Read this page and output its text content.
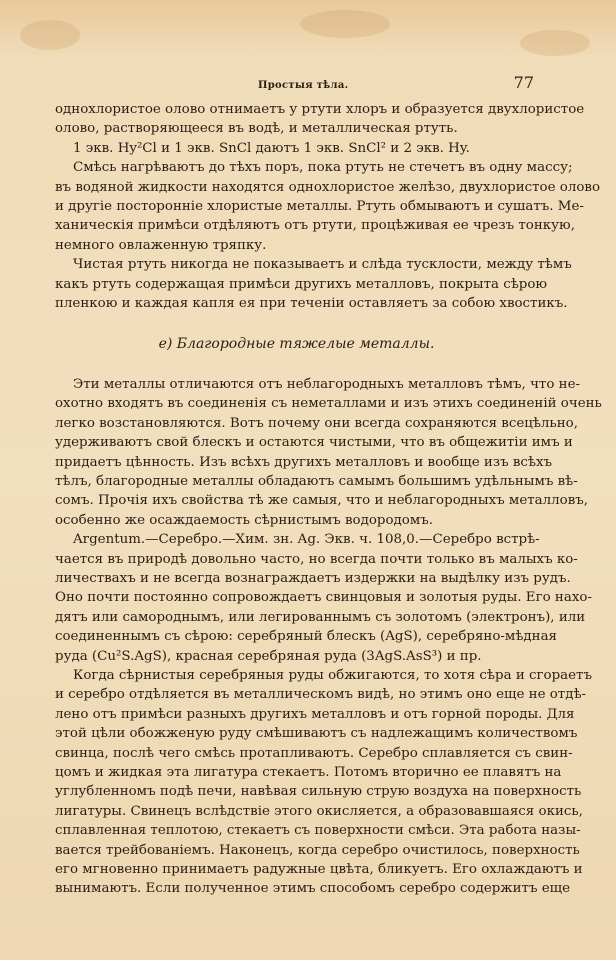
Простыя тѣла.	77
однохлористое олово отнимаетъ у ртути хлоръ и образуется двухлористое
олово, растворяющееся въ водѣ, и металлическая ртуть.
1 экв. Hy²Cl и 1 экв. SnCl даютъ 1 экв. SnCl² и 2 экв. Hy.
Смѣсь нагрѣваютъ до тѣхъ поръ, пока ртуть не стечетъ въ одну массу;
въ водяной жидкости находятся однохлористое желѣзо, двухлористое олово
и другіе посторонніе хлористые металлы. Ртуть обмываютъ и сушатъ. Ме-
ханическія примѣси отдѣляютъ отъ ртути, процѣживая ее чрезъ тонкую,
немного овлаженную тряпку.
Чистая ртуть никогда не показываетъ и слѣда тусклости, между тѣмъ
какъ ртуть содержащая примѣси другихъ металловъ, покрыта сѣрою
пленкою и каждая капля ея при теченіи оставляетъ за собою хвостикъ.
e) Благородные тяжелые металлы.
Эти металлы отличаются отъ неблагородныхъ металловъ тѣмъ, что не-
охотно входятъ въ соединенія съ неметаллами и изъ этихъ соединеній очень
легко возстановляются. Вотъ почему они всегда сохраняются всецѣльно,
удерживаютъ свой блескъ и остаются чистыми, что въ общежитіи имъ и
придаетъ цѣнность. Изъ всѣхъ другихъ металловъ и вообще изъ всѣхъ
тѣлъ, благородные металлы обладаютъ самымъ большимъ удѣльнымъ вѣ-
сомъ. Прочія ихъ свойства тѣ же самыя, что и неблагородныхъ металловъ,
особенно же осаждаемость сѣрнистымъ водородомъ.
Argentum.—Серебро.—Хим. зн. Ag. Экв. ч. 108,0.—Серебро встрѣ-
чается въ природѣ довольно часто, но всегда почти только въ малыхъ ко-
личествахъ и не всегда вознаграждаетъ издержки на выдѣлку изъ рудъ.
Оно почти постоянно сопровождаетъ свинцовыя и золотыя руды. Его нахо-
дятъ или самороднымъ, или легированнымъ съ золотомъ (электронъ), или
соединеннымъ съ сѣрою: серебряный блескъ (AgS), серебряно-мѣдная
руда (Cu²S.AgS), красная серебряная руда (3AgS.AsS³) и пр.
Когда сѣрнистыя серебряныя руды обжигаются, то хотя сѣра и сгораетъ
и серебро отдѣляется въ металлическомъ видѣ, но этимъ оно еще не отдѣ-
лено отъ примѣси разныхъ другихъ металловъ и отъ горной породы. Для
этой цѣли обожженую руду смѣшиваютъ съ надлежащимъ количествомъ
свинца, послѣ чего смѣсь протапливаютъ. Серебро сплавляется съ свин-
цомъ и жидкая эта лигатура стекаетъ. Потомъ вторично ее плавятъ на
углубленномъ подѣ печи, навѣвая сильную струю воздуха на поверхность
лигатуры. Свинецъ вслѣдствіе этого окисляется, а образовавшаяся окись,
сплавленная теплотою, стекаетъ съ поверхности смѣси. Эта работа назы-
вается трейбованіемъ. Наконецъ, когда серебро очистилось, поверхность
его мгновенно принимаетъ радужные цвѣта, бликуетъ. Его охлаждаютъ и
вынимаютъ. Если полученное этимъ способомъ серебро содержитъ еще
